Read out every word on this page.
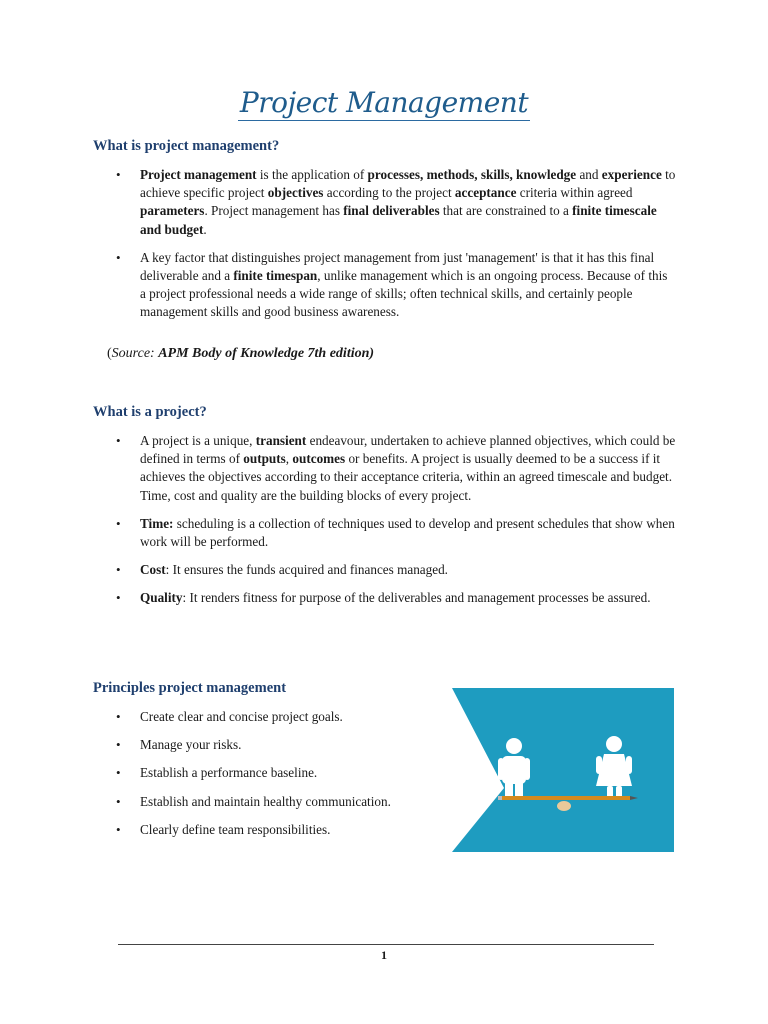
Project Management
What is project management?
• Project management is the application of processes, methods, skills, knowledge and experience to achieve specific project objectives according to the project acceptance criteria within agreed parameters. Project management has final deliverables that are constrained to a finite timescale and budget.
• A key factor that distinguishes project management from just 'management' is that it has this final deliverable and a finite timespan, unlike management which is an ongoing process. Because of this a project professional needs a wide range of skills; often technical skills, and certainly people management skills and good business awareness.
(Source: APM Body of Knowledge 7th edition)
What is a project?
• A project is a unique, transient endeavour, undertaken to achieve planned objectives, which could be defined in terms of outputs, outcomes or benefits. A project is usually deemed to be a success if it achieves the objectives according to their acceptance criteria, within an agreed timescale and budget. Time, cost and quality are the building blocks of every project.
• Time: scheduling is a collection of techniques used to develop and present schedules that show when work will be performed.
• Cost: It ensures the funds acquired and finances managed.
• Quality: It renders fitness for purpose of the deliverables and management processes be assured.
Principles project management
• Create clear and concise project goals.
• Manage your risks.
• Establish a performance baseline.
• Establish and maintain healthy communication.
• Clearly define team responsibilities.
1
